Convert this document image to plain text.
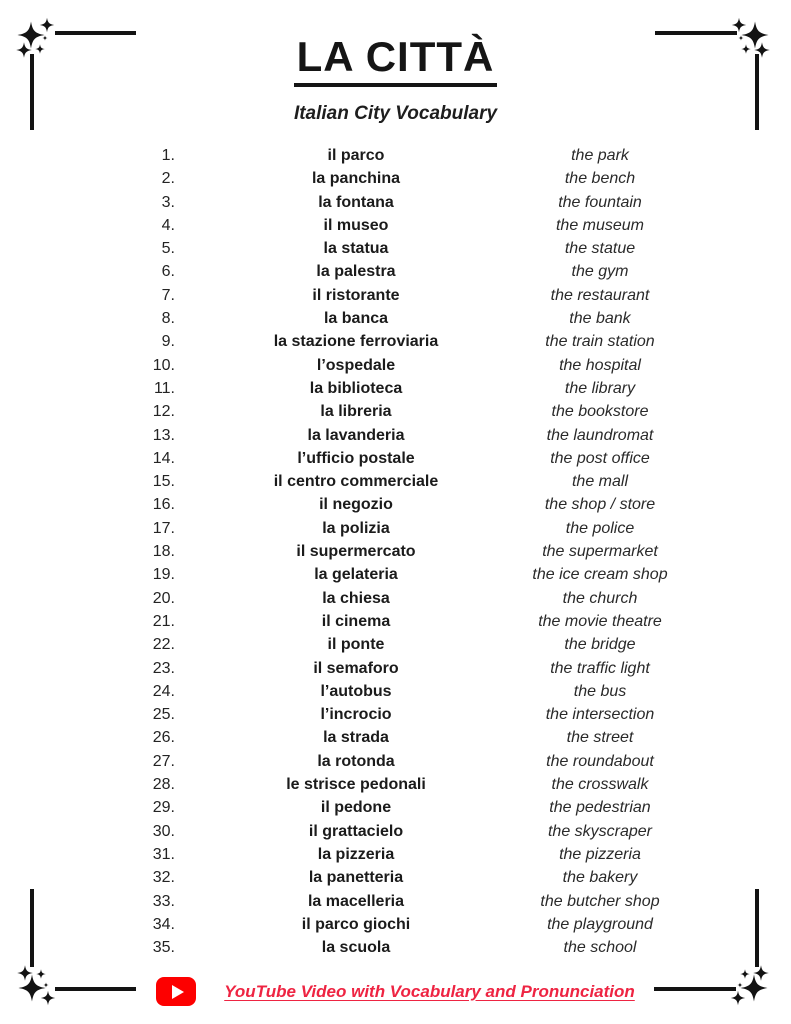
LA CITTÀ
Italian City Vocabulary
1.	il parco	the park
2.	la panchina	the bench
3.	la fontana	the fountain
4.	il museo	the museum
5.	la statua	the statue
6.	la palestra	the gym
7.	il ristorante	the restaurant
8.	la banca	the bank
9.	la stazione ferroviaria	the train station
10.	l’ospedale	the hospital
11.	la biblioteca	the library
12.	la libreria	the bookstore
13.	la lavanderia	the laundromat
14.	l’ufficio postale	the post office
15.	il centro commerciale	the mall
16.	il negozio	the shop / store
17.	la polizia	the police
18.	il supermercato	the supermarket
19.	la gelateria	the ice cream shop
20.	la chiesa	the church
21.	il cinema	the movie theatre
22.	il ponte	the bridge
23.	il semaforo	the traffic light
24.	l’autobus	the bus
25.	l’incrocio	the intersection
26.	la strada	the street
27.	la rotonda	the roundabout
28.	le strisce pedonali	the crosswalk
29.	il pedone	the pedestrian
30.	il grattacielo	the skyscraper
31.	la pizzeria	the pizzeria
32.	la panetteria	the bakery
33.	la macelleria	the butcher shop
34.	il parco giochi	the playground
35.	la scuola	the school
YouTube Video with Vocabulary and Pronunciation
